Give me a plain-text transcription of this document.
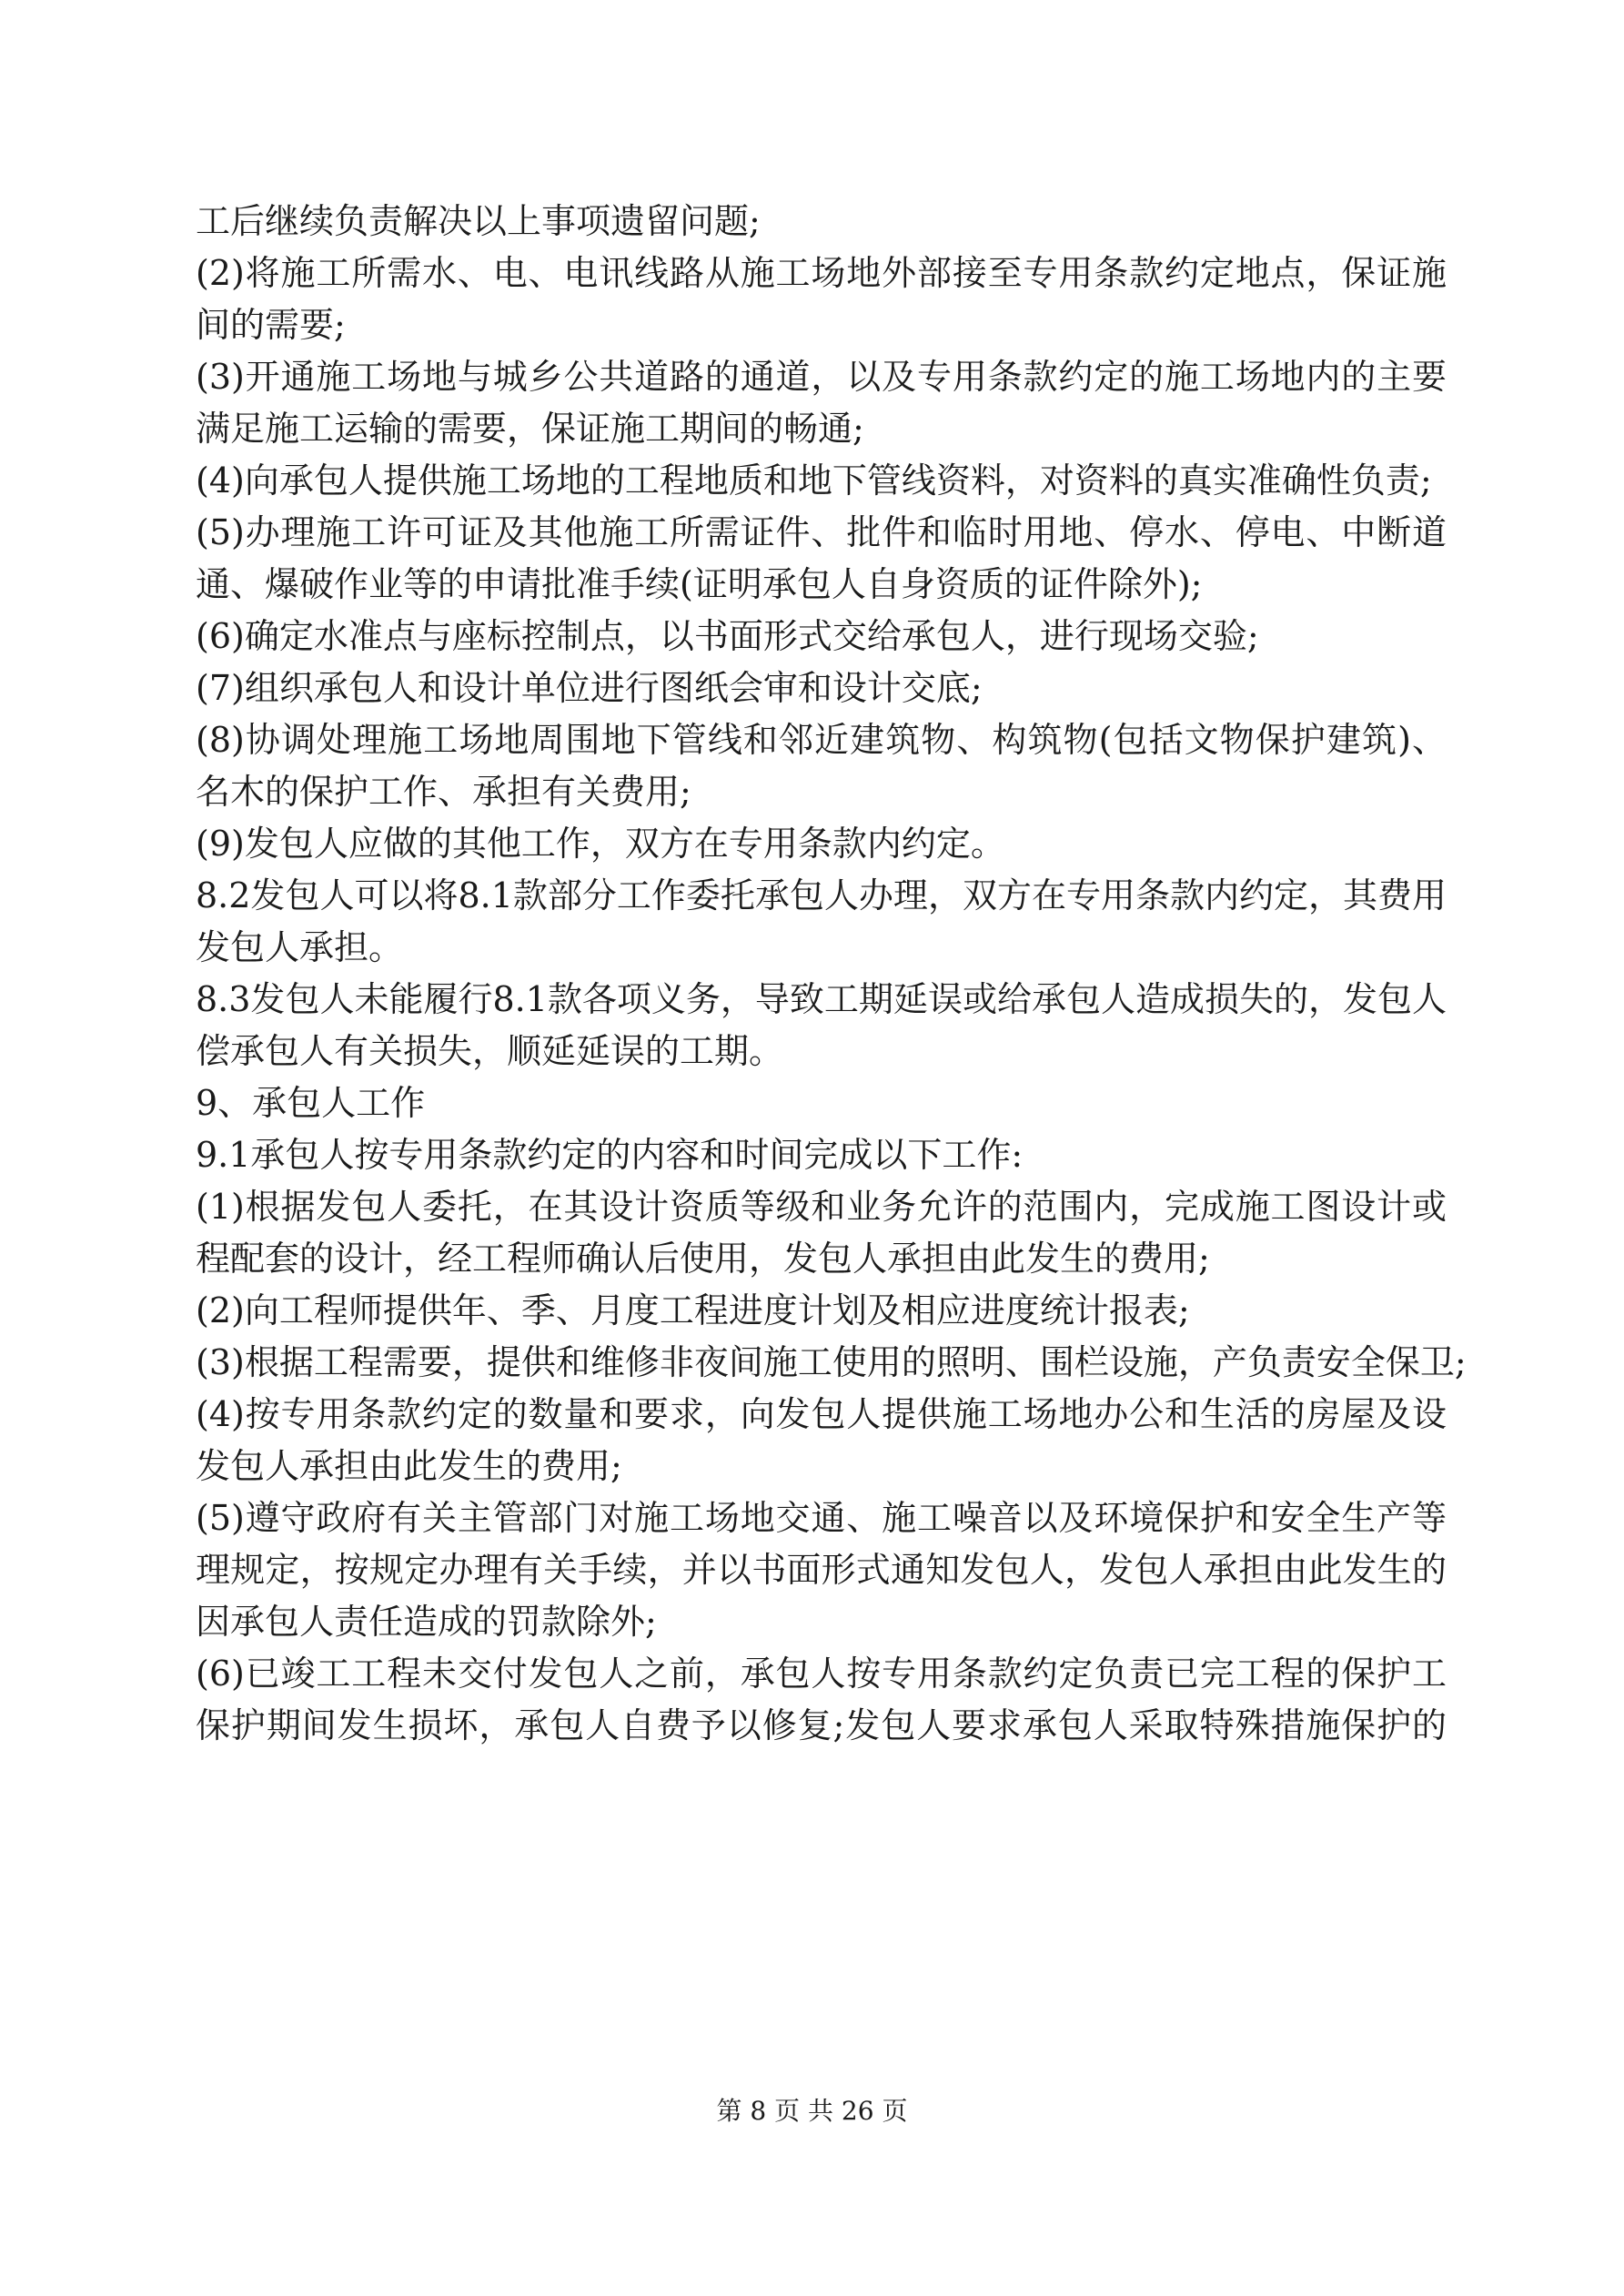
工后继续负责解决以上事项遗留问题;

(2)将施工所需水、电、电讯线路从施工场地外部接至专用条款约定地点，保证施

间的需要;

(3)开通施工场地与城乡公共道路的通道，以及专用条款约定的施工场地内的主要

满足施工运输的需要，保证施工期间的畅通;

(4)向承包人提供施工场地的工程地质和地下管线资料，对资料的真实准确性负责;

(5)办理施工许可证及其他施工所需证件、批件和临时用地、停水、停电、中断道

通、爆破作业等的申请批准手续(证明承包人自身资质的证件除外);

(6)确定水准点与座标控制点，以书面形式交给承包人，进行现场交验;

(7)组织承包人和设计单位进行图纸会审和设计交底;

(8)协调处理施工场地周围地下管线和邻近建筑物、构筑物(包括文物保护建筑)、

名木的保护工作、承担有关费用;

(9)发包人应做的其他工作，双方在专用条款内约定。

8.2发包人可以将8.1款部分工作委托承包人办理，双方在专用条款内约定，其费用

发包人承担。

8.3发包人未能履行8.1款各项义务，导致工期延误或给承包人造成损失的，发包人

偿承包人有关损失，顺延延误的工期。

9、承包人工作

9.1承包人按专用条款约定的内容和时间完成以下工作:

(1)根据发包人委托，在其设计资质等级和业务允许的范围内，完成施工图设计或

程配套的设计，经工程师确认后使用，发包人承担由此发生的费用;

(2)向工程师提供年、季、月度工程进度计划及相应进度统计报表;

(3)根据工程需要，提供和维修非夜间施工使用的照明、围栏设施，产负责安全保卫;

(4)按专用条款约定的数量和要求，向发包人提供施工场地办公和生活的房屋及设

发包人承担由此发生的费用;

(5)遵守政府有关主管部门对施工场地交通、施工噪音以及环境保护和安全生产等

理规定，按规定办理有关手续，并以书面形式通知发包人，发包人承担由此发生的

因承包人责任造成的罚款除外;

(6)已竣工工程未交付发包人之前，承包人按专用条款约定负责已完工程的保护工

保护期间发生损坏，承包人自费予以修复;发包人要求承包人采取特殊措施保护的

第 8 页 共 26 页
